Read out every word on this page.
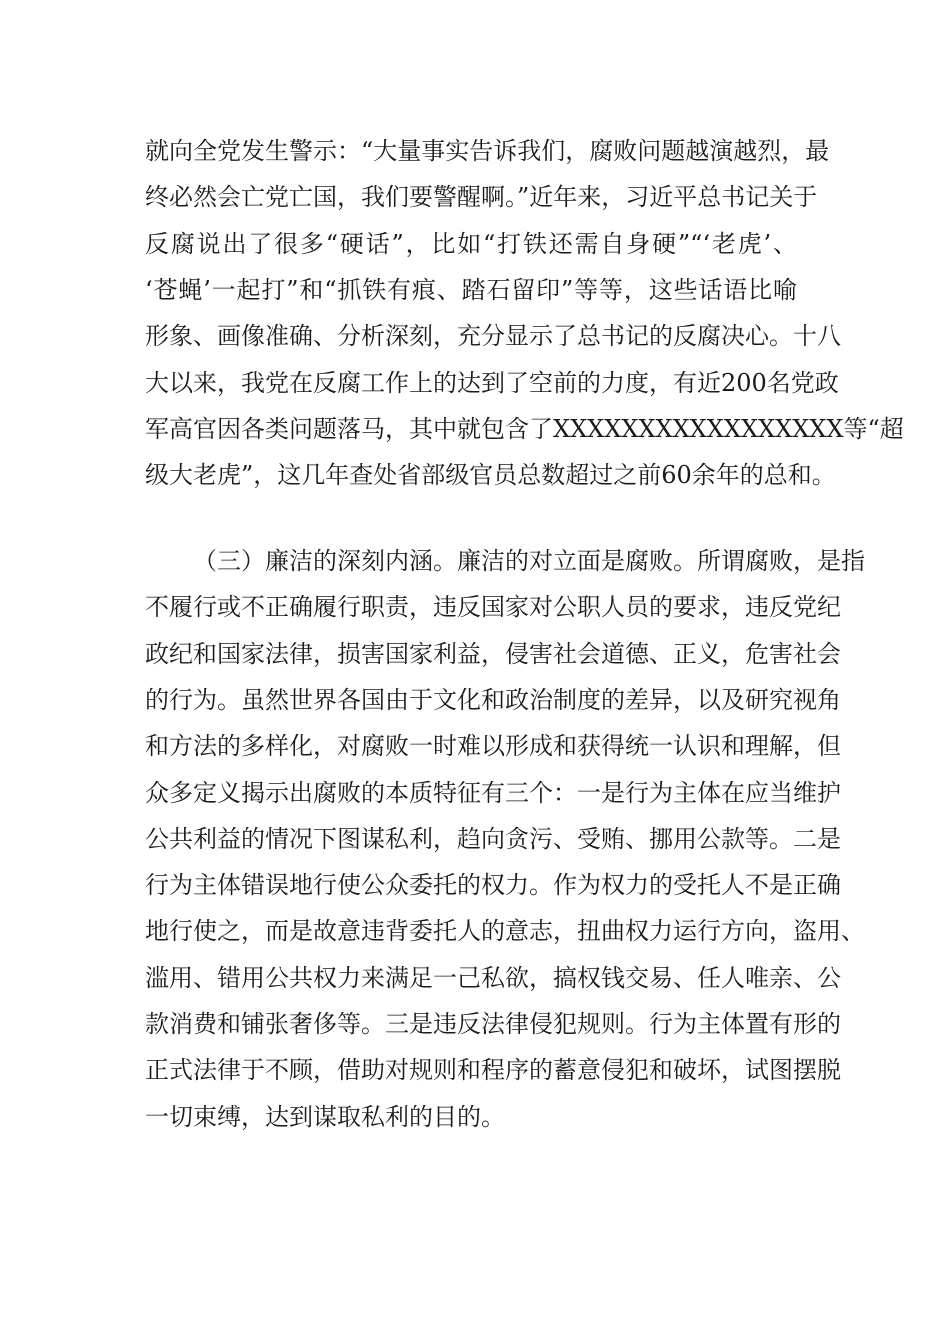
就向全党发生警示：“大量事实告诉我们，腐败问题越演越烈，最
终必然会亡党亡国，我们要警醒啊。”近年来，习近平总书记关于
反腐说出了很多“硬话”，比如“打铁还需自身硬”“‘老虎’、
‘苍蝇’一起打”和“抓铁有痕、踏石留印”等等，这些话语比喻
形象、画像准确、分析深刻，充分显示了总书记的反腐决心。十八
大以来，我党在反腐工作上的达到了空前的力度，有近200名党政
军高官因各类问题落马，其中就包含了XXXXXXXXXXXXXXXXX等“超
级大老虎”，这几年查处省部级官员总数超过之前60余年的总和。
（三）廉洁的深刻内涵。廉洁的对立面是腐败。所谓腐败，是指
不履行或不正确履行职责，违反国家对公职人员的要求，违反党纪
政纪和国家法律，损害国家利益，侵害社会道德、正义，危害社会
的行为。虽然世界各国由于文化和政治制度的差异，以及研究视角
和方法的多样化，对腐败一时难以形成和获得统一认识和理解，但
众多定义揭示出腐败的本质特征有三个：一是行为主体在应当维护
公共利益的情况下图谋私利，趋向贪污、受贿、挪用公款等。二是
行为主体错误地行使公众委托的权力。作为权力的受托人不是正确
地行使之，而是故意违背委托人的意志，扭曲权力运行方向，盗用、
滥用、错用公共权力来满足一己私欲，搞权钱交易、任人唯亲、公
款消费和铺张奢侈等。三是违反法律侵犯规则。行为主体置有形的
正式法律于不顾，借助对规则和程序的蓄意侵犯和破坏，试图摆脱
一切束缚，达到谋取私利的目的。
